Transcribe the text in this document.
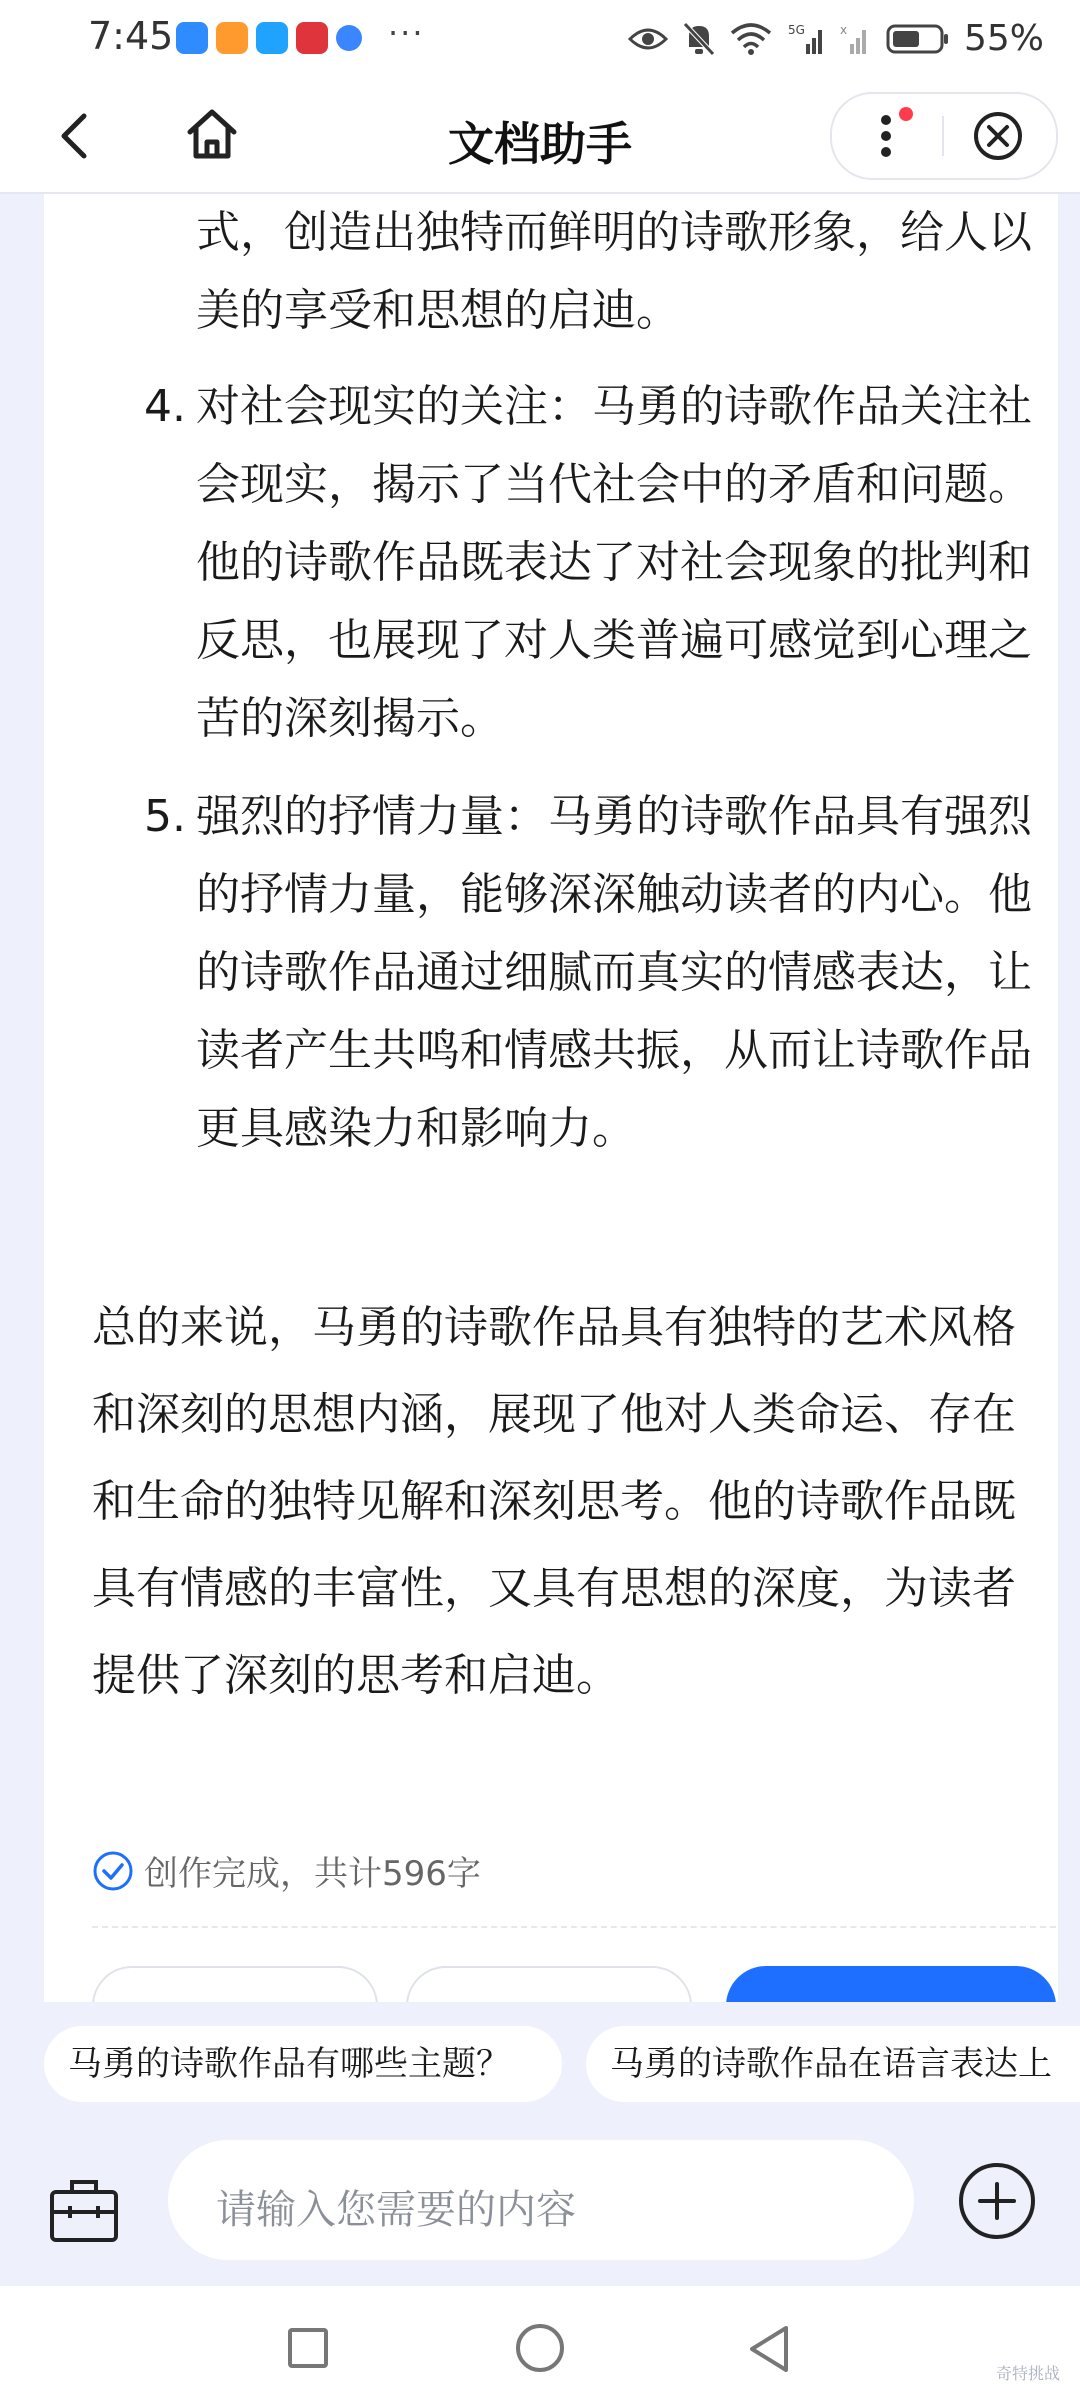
7:45	···	5G	x	55%
文档助手
式，创造出独特而鲜明的诗歌形象，给人以美的享受和思想的启迪。
4. 对社会现实的关注：马勇的诗歌作品关注社会现实，揭示了当代社会中的矛盾和问题。他的诗歌作品既表达了对社会现象的批判和反思，也展现了对人类普遍可感觉到心理之苦的深刻揭示。
5. 强烈的抒情力量：马勇的诗歌作品具有强烈的抒情力量，能够深深触动读者的内心。他的诗歌作品通过细腻而真实的情感表达，让读者产生共鸣和情感共振，从而让诗歌作品更具感染力和影响力。
总的来说，马勇的诗歌作品具有独特的艺术风格和深刻的思想内涵，展现了他对人类命运、存在和生命的独特见解和深刻思考。他的诗歌作品既具有情感的丰富性，又具有思想的深度，为读者提供了深刻的思考和启迪。
创作完成，共计596字
马勇的诗歌作品有哪些主题？	马勇的诗歌作品在语言表达上
请输入您需要的内容
奇特挑战
